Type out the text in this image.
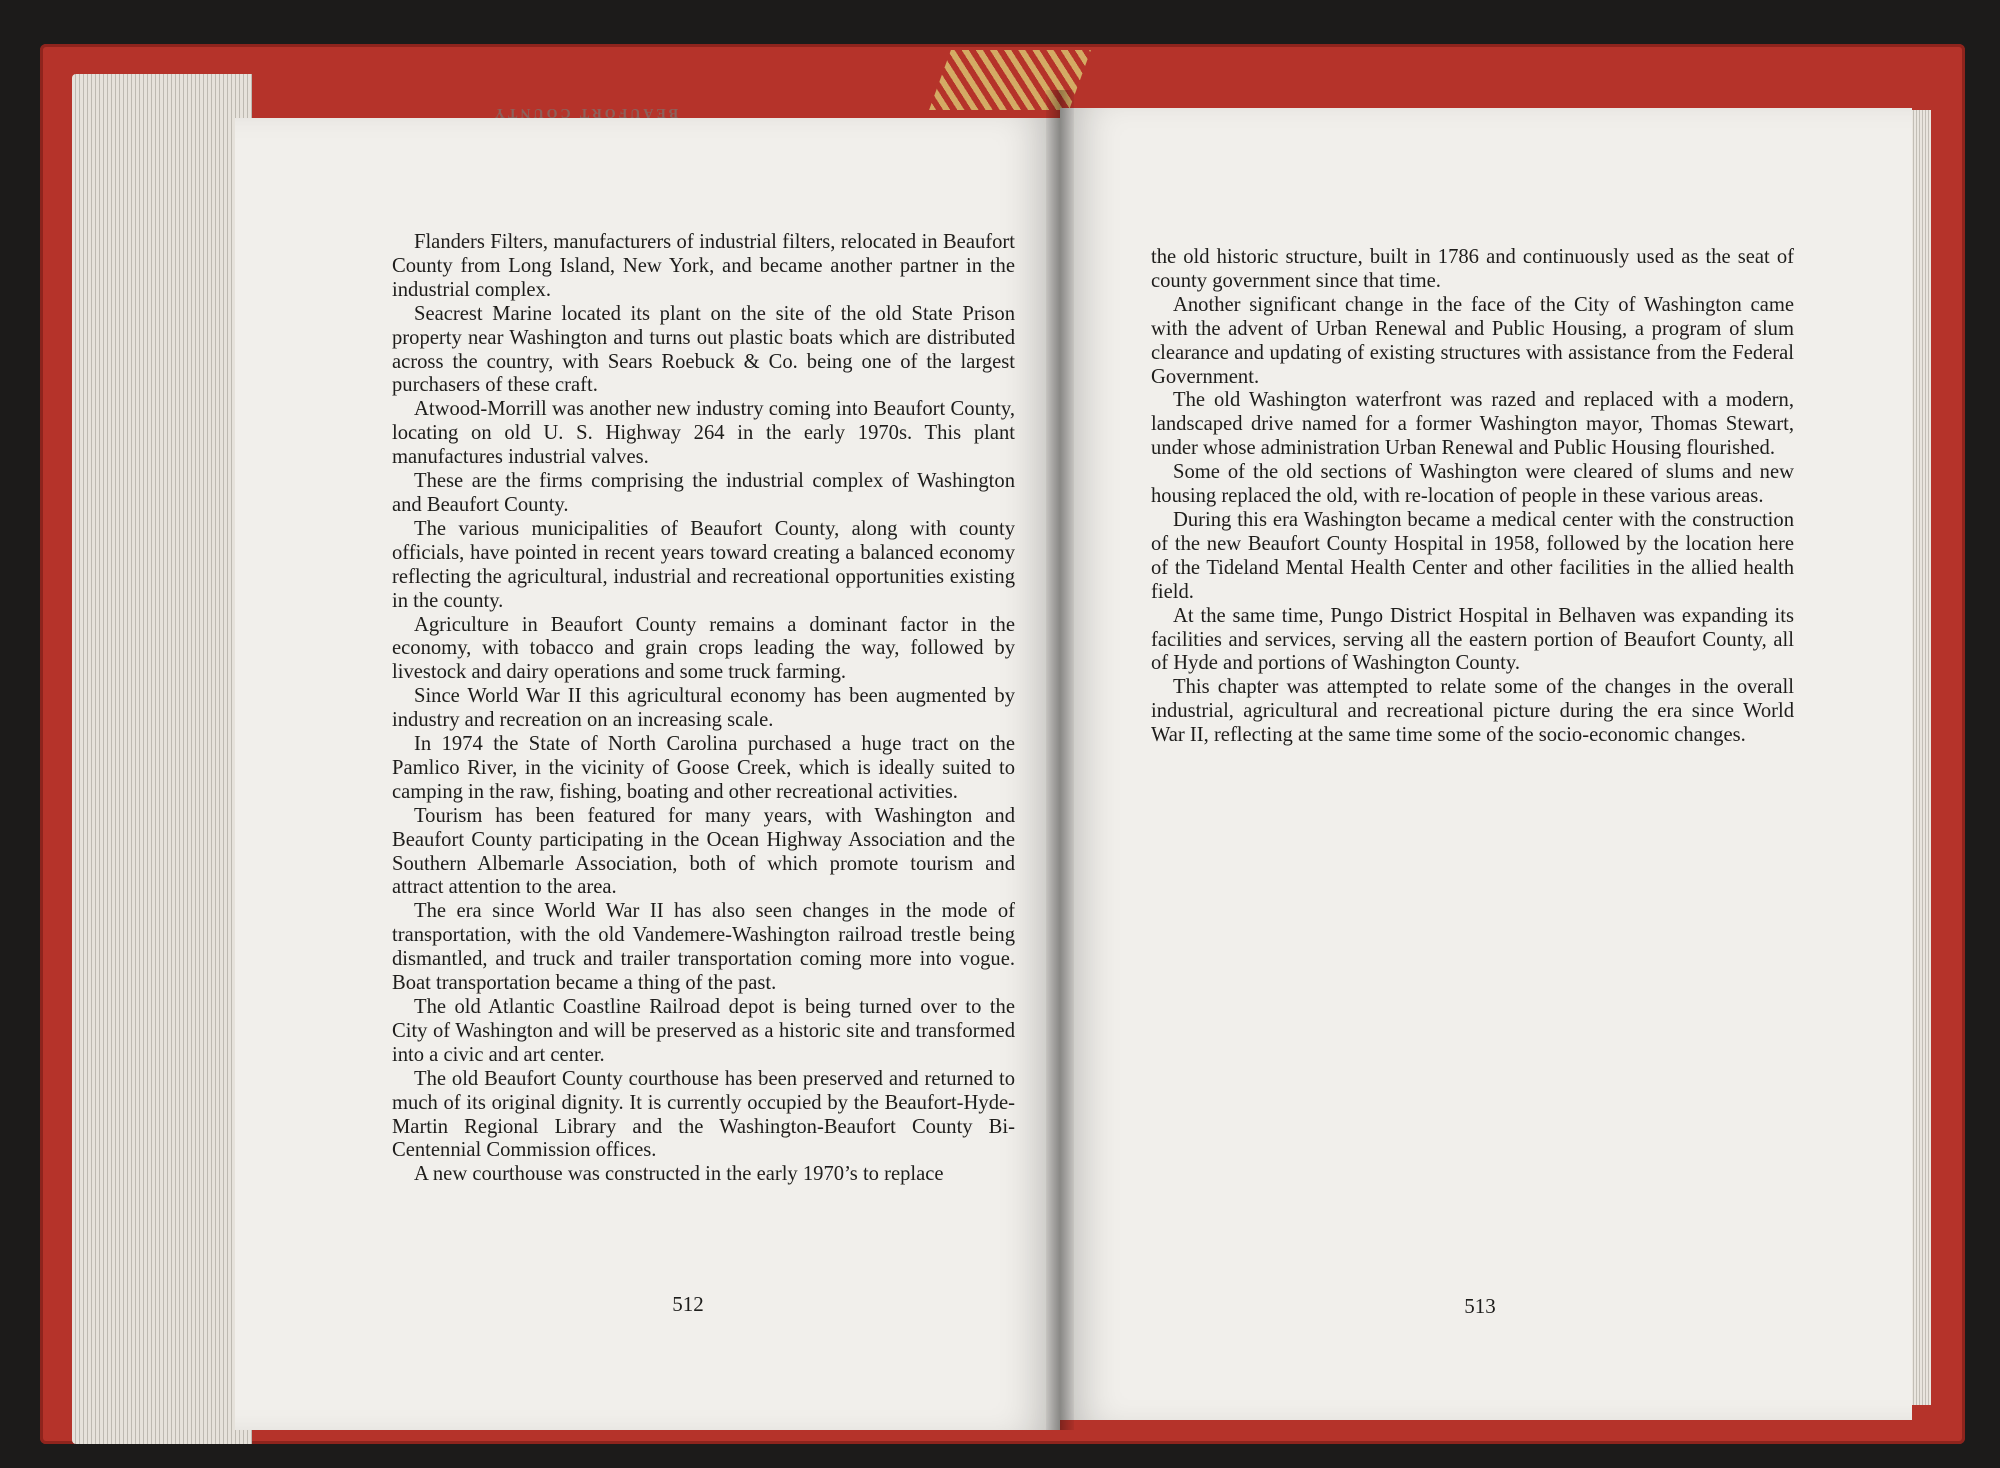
Flanders Filters, manufacturers of industrial filters, relocated in Beaufort County from Long Island, New York, and became another partner in the industrial complex.

Seacrest Marine located its plant on the site of the old State Prison property near Washington and turns out plastic boats which are distributed across the country, with Sears Roebuck & Co. being one of the largest purchasers of these craft.

Atwood-Morrill was another new industry coming into Beaufort County, locating on old U. S. Highway 264 in the early 1970s. This plant manufactures industrial valves.

These are the firms comprising the industrial complex of Washington and Beaufort County.

The various municipalities of Beaufort County, along with county officials, have pointed in recent years toward creating a balanced economy reflecting the agricultural, industrial and recreational opportunities existing in the county.

Agriculture in Beaufort County remains a dominant factor in the economy, with tobacco and grain crops leading the way, followed by livestock and dairy operations and some truck farming.

Since World War II this agricultural economy has been augmented by industry and recreation on an increasing scale.

In 1974 the State of North Carolina purchased a huge tract on the Pamlico River, in the vicinity of Goose Creek, which is ideally suited to camping in the raw, fishing, boating and other recreational activities.

Tourism has been featured for many years, with Washington and Beaufort County participating in the Ocean Highway Association and the Southern Albemarle Association, both of which promote tourism and attract attention to the area.

The era since World War II has also seen changes in the mode of transportation, with the old Vandemere-Washington railroad trestle being dismantled, and truck and trailer transportation coming more into vogue. Boat transportation became a thing of the past.

The old Atlantic Coastline Railroad depot is being turned over to the City of Washington and will be preserved as a historic site and transformed into a civic and art center.

The old Beaufort County courthouse has been preserved and returned to much of its original dignity. It is currently occupied by the Beaufort-Hyde-Martin Regional Library and the Washington-Beaufort County Bi-Centennial Commission offices.

A new courthouse was constructed in the early 1970’s to replace

512
BEAUFORT COUNTY

the old historic structure, built in 1786 and continuously used as the seat of county government since that time.

Another significant change in the face of the City of Washington came with the advent of Urban Renewal and Public Housing, a program of slum clearance and updating of existing structures with assistance from the Federal Government.

The old Washington waterfront was razed and replaced with a modern, landscaped drive named for a former Washington mayor, Thomas Stewart, under whose administration Urban Renewal and Public Housing flourished.

Some of the old sections of Washington were cleared of slums and new housing replaced the old, with re-location of people in these various areas.

During this era Washington became a medical center with the construction of the new Beaufort County Hospital in 1958, followed by the location here of the Tideland Mental Health Center and other facilities in the allied health field.

At the same time, Pungo District Hospital in Belhaven was expanding its facilities and services, serving all the eastern portion of Beaufort County, all of Hyde and portions of Washington County.

This chapter was attempted to relate some of the changes in the overall industrial, agricultural and recreational picture during the era since World War II, reflecting at the same time some of the socio-economic changes.

513
